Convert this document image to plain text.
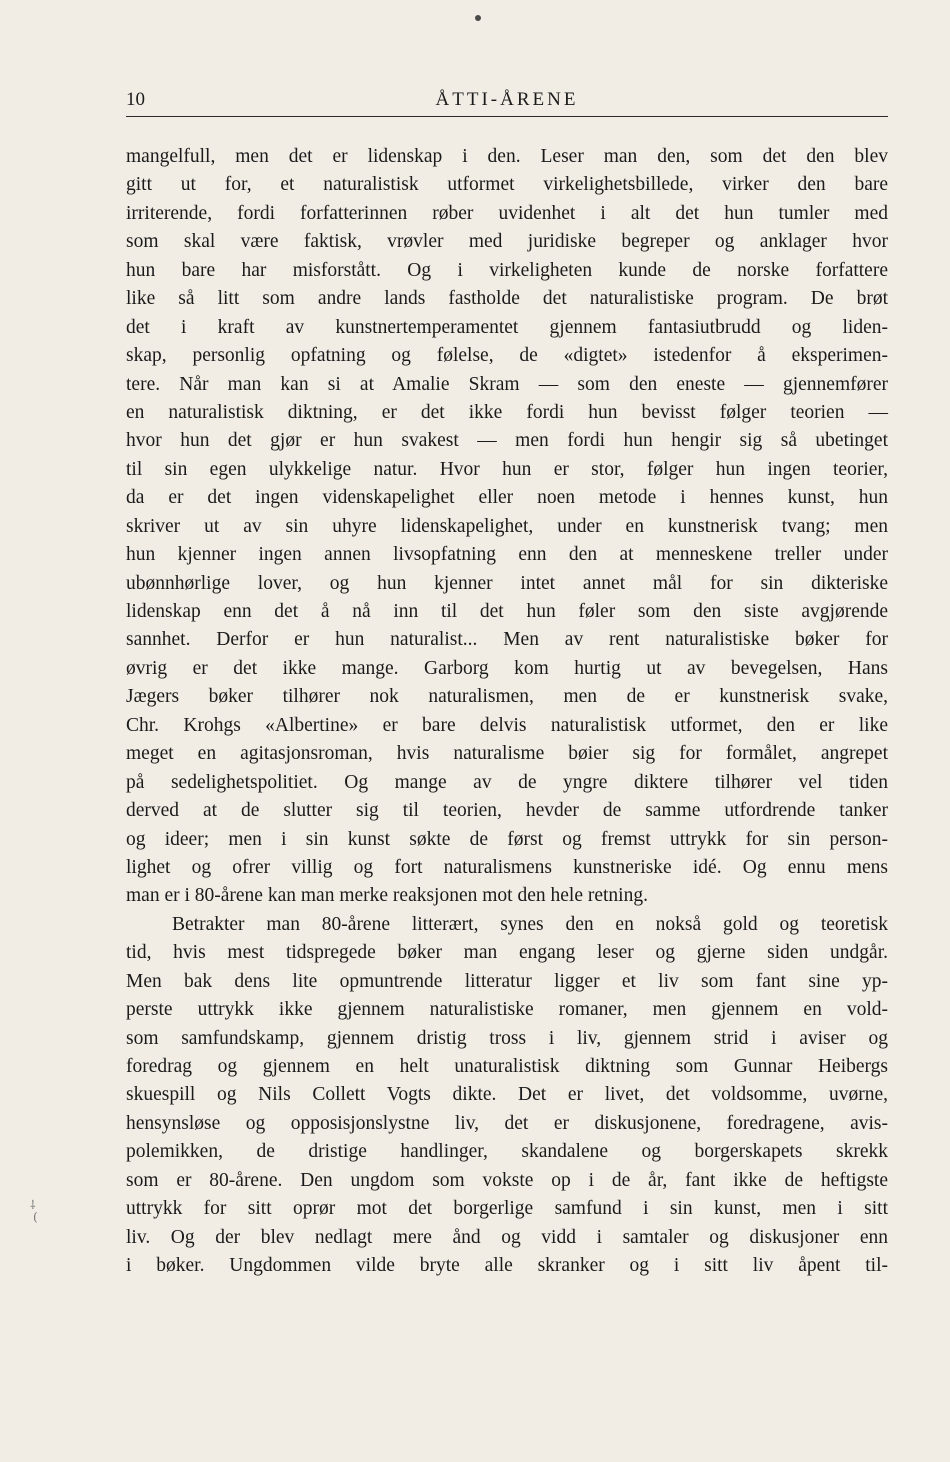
10	ÅTTI-ÅRENE
mangelfull, men det er lidenskap i den. Leser man den, som det den blev
gitt ut for, et naturalistisk utformet virkelighetsbillede, virker den bare
irriterende, fordi forfatterinnen røber uvidenhet i alt det hun tumler med
som skal være faktisk, vrøvler med juridiske begreper og anklager hvor
hun bare har misforstått. Og i virkeligheten kunde de norske forfattere
like så litt som andre lands fastholde det naturalistiske program. De brøt
det i kraft av kunstnertemperamentet gjennem fantasiutbrudd og liden-
skap, personlig opfatning og følelse, de «digtet» istedenfor å eksperimen-
tere. Når man kan si at Amalie Skram — som den eneste — gjennemfører
en naturalistisk diktning, er det ikke fordi hun bevisst følger teorien —
hvor hun det gjør er hun svakest — men fordi hun hengir sig så ubetinget
til sin egen ulykkelige natur. Hvor hun er stor, følger hun ingen teorier,
da er det ingen videnskapelighet eller noen metode i hennes kunst, hun
skriver ut av sin uhyre lidenskapelighet, under en kunstnerisk tvang; men
hun kjenner ingen annen livsopfatning enn den at menneskene treller under
ubønnhørlige lover, og hun kjenner intet annet mål for sin dikteriske
lidenskap enn det å nå inn til det hun føler som den siste avgjørende
sannhet. Derfor er hun naturalist... Men av rent naturalistiske bøker for
øvrig er det ikke mange. Garborg kom hurtig ut av bevegelsen, Hans
Jægers bøker tilhører nok naturalismen, men de er kunstnerisk svake,
Chr. Krohgs «Albertine» er bare delvis naturalistisk utformet, den er like
meget en agitasjonsroman, hvis naturalisme bøier sig for formålet, angrepet
på sedelighetspolitiet. Og mange av de yngre diktere tilhører vel tiden
derved at de slutter sig til teorien, hevder de samme utfordrende tanker
og ideer; men i sin kunst søkte de først og fremst uttrykk for sin person-
lighet og ofrer villig og fort naturalismens kunstneriske idé. Og ennu mens
man er i 80-årene kan man merke reaksjonen mot den hele retning.
Betrakter man 80-årene litterært, synes den en nokså gold og teoretisk
tid, hvis mest tidspregede bøker man engang leser og gjerne siden undgår.
Men bak dens lite opmuntrende litteratur ligger et liv som fant sine yp-
perste uttrykk ikke gjennem naturalistiske romaner, men gjennem en vold-
som samfundskamp, gjennem dristig tross i liv, gjennem strid i aviser og
foredrag og gjennem en helt unaturalistisk diktning som Gunnar Heibergs
skuespill og Nils Collett Vogts dikte. Det er livet, det voldsomme, uvørne,
hensynsløse og opposisjonslystne liv, det er diskusjonene, foredragene, avis-
polemikken, de dristige handlinger, skandalene og borgerskapets skrekk
som er 80-årene. Den ungdom som vokste op i de år, fant ikke de heftigste
uttrykk for sitt oprør mot det borgerlige samfund i sin kunst, men i sitt
liv. Og der blev nedlagt mere ånd og vidd i samtaler og diskusjoner enn
i bøker. Ungdommen vilde bryte alle skranker og i sitt liv åpent til-
⸸
(
